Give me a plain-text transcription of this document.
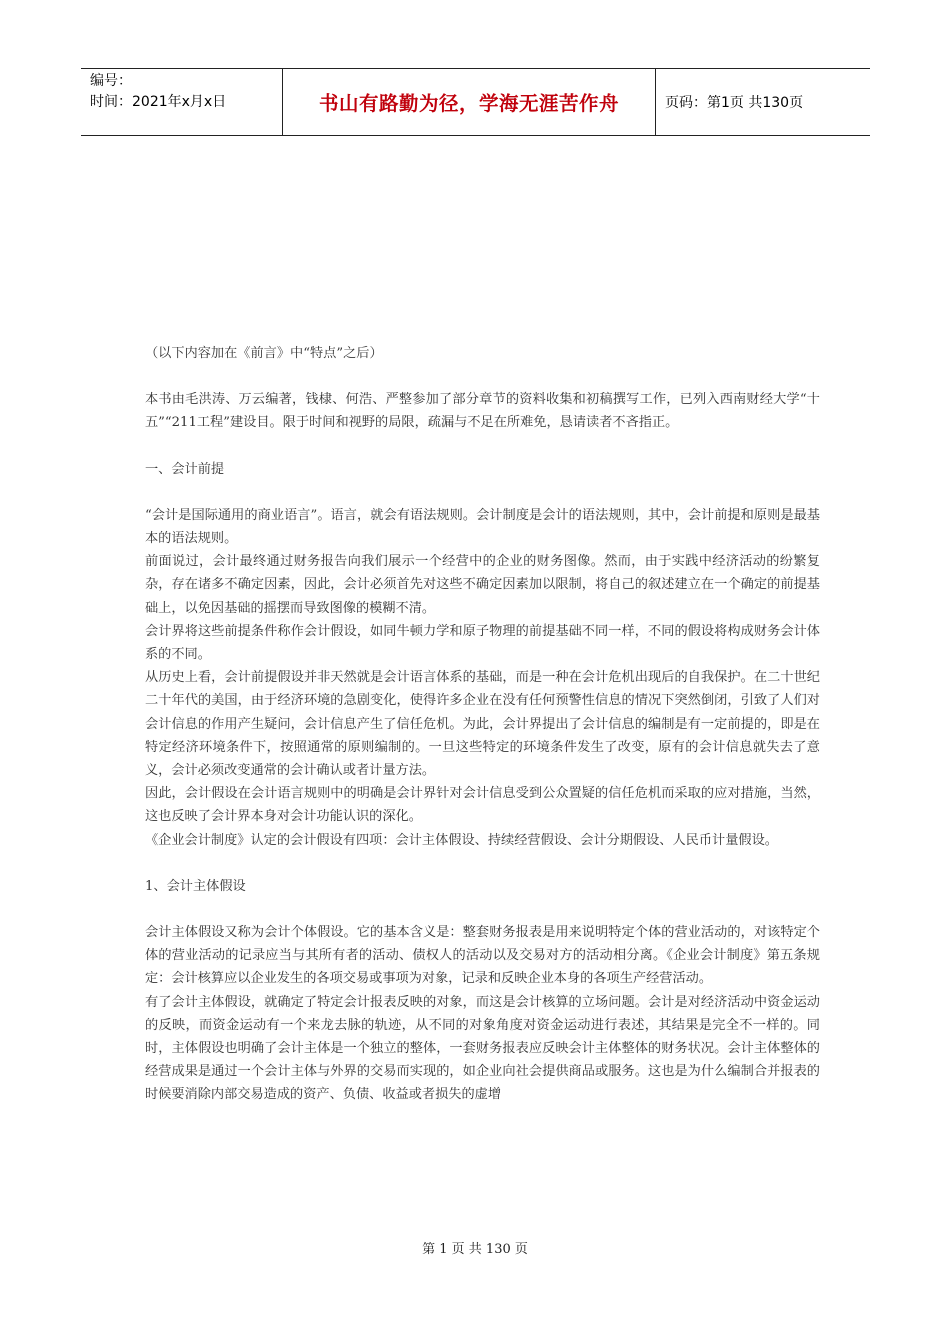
编号：
时间：2021年x月x日	书山有路勤为径，学海无涯苦作舟	页码：第1页 共130页

（以下内容加在《前言》中“特点”之后）

本书由毛洪涛、万云编著，钱棣、何浩、严整参加了部分章节的资料收集和初稿撰写工作，已列入西南财经大学“十五”“211工程”建设目。限于时间和视野的局限，疏漏与不足在所难免，恳请读者不吝指正。

一、会计前提

“会计是国际通用的商业语言”。语言，就会有语法规则。会计制度是会计的语法规则，其中，会计前提和原则是最基本的语法规则。

前面说过，会计最终通过财务报告向我们展示一个经营中的企业的财务图像。然而，由于实践中经济活动的纷繁复杂，存在诸多不确定因素，因此，会计必须首先对这些不确定因素加以限制，将自己的叙述建立在一个确定的前提基础上，以免因基础的摇摆而导致图像的模糊不清。

会计界将这些前提条件称作会计假设，如同牛顿力学和原子物理的前提基础不同一样，不同的假设将构成财务会计体系的不同。

从历史上看，会计前提假设并非天然就是会计语言体系的基础，而是一种在会计危机出现后的自我保护。在二十世纪二十年代的美国，由于经济环境的急剧变化，使得许多企业在没有任何预警性信息的情况下突然倒闭，引致了人们对会计信息的作用产生疑问，会计信息产生了信任危机。为此，会计界提出了会计信息的编制是有一定前提的，即是在特定经济环境条件下，按照通常的原则编制的。一旦这些特定的环境条件发生了改变，原有的会计信息就失去了意义，会计必须改变通常的会计确认或者计量方法。

因此，会计假设在会计语言规则中的明确是会计界针对会计信息受到公众置疑的信任危机而采取的应对措施，当然，这也反映了会计界本身对会计功能认识的深化。

《企业会计制度》认定的会计假设有四项：会计主体假设、持续经营假设、会计分期假设、人民币计量假设。

1、会计主体假设

会计主体假设又称为会计个体假设。它的基本含义是：整套财务报表是用来说明特定个体的营业活动的，对该特定个体的营业活动的记录应当与其所有者的活动、债权人的活动以及交易对方的活动相分离。《企业会计制度》第五条规定：会计核算应以企业发生的各项交易或事项为对象，记录和反映企业本身的各项生产经营活动。

有了会计主体假设，就确定了特定会计报表反映的对象，而这是会计核算的立场问题。会计是对经济活动中资金运动的反映，而资金运动有一个来龙去脉的轨迹，从不同的对象角度对资金运动进行表述，其结果是完全不一样的。同时，主体假设也明确了会计主体是一个独立的整体，一套财务报表应反映会计主体整体的财务状况。会计主体整体的经营成果是通过一个会计主体与外界的交易而实现的，如企业向社会提供商品或服务。这也是为什么编制合并报表的时候要消除内部交易造成的资产、负债、收益或者损失的虚增

第 1 页 共 130 页
